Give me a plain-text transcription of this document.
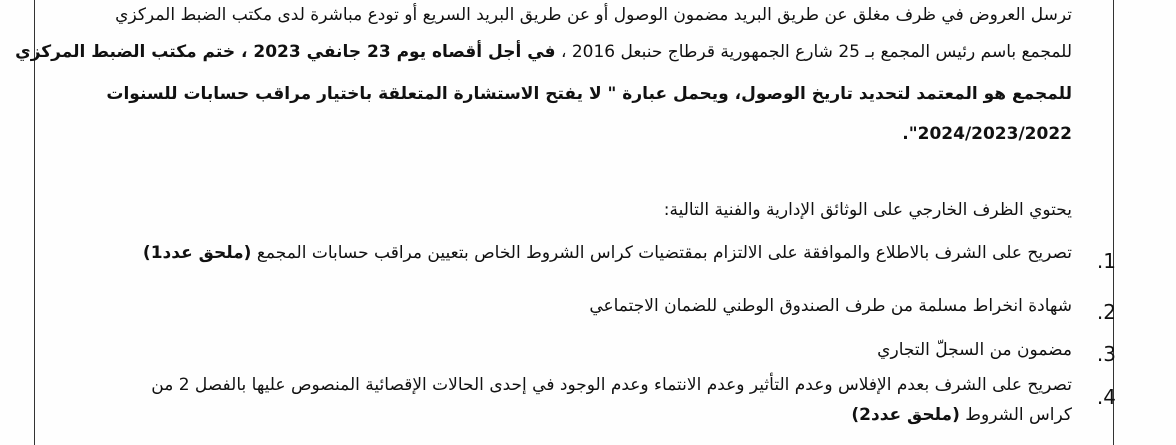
ترسل العروض في ظرف مغلق عن طريق البريد مضمون الوصول أو عن طريق البريد السريع أو تودع مباشرة لدى مكتب الضبط المركزي
للمجمع باسم رئيس المجمع بـ 25 شارع الجمهورية قرطاج حنبعل 2016 ، في أجل أقصاه يوم 23 جانفي 2023 ، ختم مكتب الضبط المركزي
للمجمع هو المعتمد لتحديد تاريخ الوصول، ويحمل عبارة " لا يفتح الاستشارة المتعلقة باختيار مراقب حسابات للسنوات
2024/2023/2022".
يحتوي الظرف الخارجي على الوثائق الإدارية والفنية التالية:
1.
تصريح على الشرف بالاطلاع والموافقة على الالتزام بمقتضيات كراس الشروط الخاص بتعيين مراقب حسابات المجمع (ملحق عدد1)
2.
شهادة انخراط مسلمة من طرف الصندوق الوطني للضمان الاجتماعي
3.
مضمون من السجلّ التجاري
4.
تصريح على الشرف بعدم الإفلاس وعدم التأثير وعدم الانتماء وعدم الوجود في إحدى الحالات الإقصائية المنصوص عليها بالفصل 2 من
كراس الشروط (ملحق عدد2)
